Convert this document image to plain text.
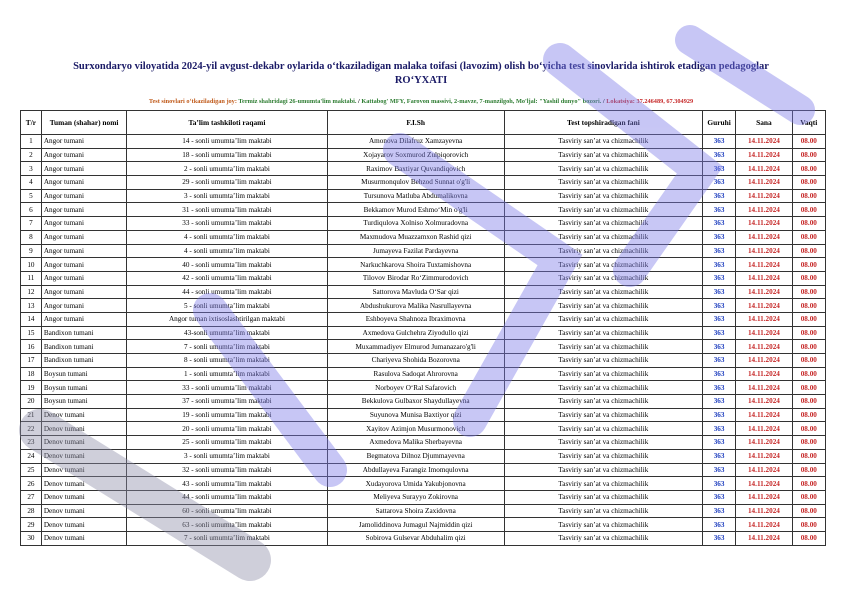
Surxondaryo viloyatida 2024-yil avgust-dekabr oylarida o‘tkaziladigan malaka toifasi (lavozim) olish bo‘yicha test sinovlarida ishtirok etadigan pedagoglar
RO‘YXATI
Test sinovlari o‘tkaziladigan joy: Termiz shahridagi 26-umumta'lim maktabi. / Kattabog' MFY, Farovon massivi, 2-mavze, 7-manzilgoh, Mo'ljal: "Yashil dunyo" bozori. / Lokatsiya: 37.246489, 67.304929
T/r	Tuman (shahar) nomi	Ta’lim tashkiloti raqami	F.I.Sh	Test topshiradigan fani	Guruhi	Sana	Vaqti
1	Angor tumani	14 - sonli umumta’lim maktabi	Amonova Dilafruz Xamzayevna	Tasviriy san’at va chizmachilik	363	14.11.2024	08.00
2	Angor tumani	18 - sonli umumta’lim maktabi	Xojayarov Soxmurod Zulpiqorovich	Tasviriy san’at va chizmachilik	363	14.11.2024	08.00
3	Angor tumani	2 - sonli umumta’lim maktabi	Raximov Baxtiyar Quvandiqovich	Tasviriy san’at va chizmachilik	363	14.11.2024	08.00
4	Angor tumani	29 - sonli umumta’lim maktabi	Musurmonqulov Behzod Sunnat o'g'li	Tasviriy san’at va chizmachilik	363	14.11.2024	08.00
5	Angor tumani	3 - sonli umumta’lim maktabi	Tursunova Matluba Abdumalikovna	Tasviriy san’at va chizmachilik	363	14.11.2024	08.00
6	Angor tumani	31 - sonli umumta’lim maktabi	Bekkamov Murod Eshmo‘Min o'g'li	Tasviriy san’at va chizmachilik	363	14.11.2024	08.00
7	Angor tumani	33 - sonli umumta’lim maktabi	Turdiqulova Xolniso Xolmuradovna	Tasviriy san’at va chizmachilik	363	14.11.2024	08.00
8	Angor tumani	4 - sonli umumta’lim maktabi	Maxmudova Muazzamxon Rashid qizi	Tasviriy san’at va chizmachilik	363	14.11.2024	08.00
9	Angor tumani	4 - sonli umumta’lim maktabi	Jumayeva Fazilat Pardayevna	Tasviriy san’at va chizmachilik	363	14.11.2024	08.00
10	Angor tumani	40 - sonli umumta’lim maktabi	Narkuchkarova Shoira Tuxtamishovna	Tasviriy san’at va chizmachilik	363	14.11.2024	08.00
11	Angor tumani	42 - sonli umumta’lim maktabi	Tilovov Birodar Ro‘Zimmurodovich	Tasviriy san’at va chizmachilik	363	14.11.2024	08.00
12	Angor tumani	44 - sonli umumta’lim maktabi	Sattorova Mavluda O‘Sar qizi	Tasviriy san’at va chizmachilik	363	14.11.2024	08.00
13	Angor tumani	5 - sonli umumta’lim maktabi	Abdushukurova Malika Nasrullayevna	Tasviriy san’at va chizmachilik	363	14.11.2024	08.00
14	Angor tumani	Angor tuman ixtisoslashtirilgan maktabi	Eshboyeva Shahnoza Ibraximovna	Tasviriy san’at va chizmachilik	363	14.11.2024	08.00
15	Bandixon tumani	43-sonli umumta’lim maktabi	Axmedova Gulchehra Ziyodullo qizi	Tasviriy san’at va chizmachilik	363	14.11.2024	08.00
16	Bandixon tumani	7 - sonli umumta’lim maktabi	Muxammadiyev Elmurod Jumanazaro'g'li	Tasviriy san’at va chizmachilik	363	14.11.2024	08.00
17	Bandixon tumani	8 - sonli umumta’lim maktabi	Chariyeva Shohida Bozorovna	Tasviriy san’at va chizmachilik	363	14.11.2024	08.00
18	Boysun tumani	1 - sonli umumta’lim maktabi	Rasulova Sadoqat Ahrorovna	Tasviriy san’at va chizmachilik	363	14.11.2024	08.00
19	Boysun tumani	33 - sonli umumta’lim maktabi	Norboyev O‘Ral Safarovich	Tasviriy san’at va chizmachilik	363	14.11.2024	08.00
20	Boysun tumani	37 - sonli umumta’lim maktabi	Bekkulova Gulbaxor Shaydullayevna	Tasviriy san’at va chizmachilik	363	14.11.2024	08.00
21	Denov tumani	19 - sonli umumta’lim maktabi	Suyunova Munisa Baxtiyor qizi	Tasviriy san’at va chizmachilik	363	14.11.2024	08.00
22	Denov tumani	20 - sonli umumta’lim maktabi	Xayitov Azimjon Musurmonovich	Tasviriy san’at va chizmachilik	363	14.11.2024	08.00
23	Denov tumani	25 - sonli umumta’lim maktabi	Axmedova Malika Sherbayevna	Tasviriy san’at va chizmachilik	363	14.11.2024	08.00
24	Denov tumani	3 - sonli umumta’lim maktabi	Begmatova Dilnoz Djummayevna	Tasviriy san’at va chizmachilik	363	14.11.2024	08.00
25	Denov tumani	32 - sonli umumta’lim maktabi	Abdullayeva Farangiz Imomqulovna	Tasviriy san’at va chizmachilik	363	14.11.2024	08.00
26	Denov tumani	43 - sonli umumta’lim maktabi	Xudayorova Umida Yakubjonovna	Tasviriy san’at va chizmachilik	363	14.11.2024	08.00
27	Denov tumani	44 - sonli umumta’lim maktabi	Meliyeva Surayyo Zokirovna	Tasviriy san’at va chizmachilik	363	14.11.2024	08.00
28	Denov tumani	60 - sonli umumta’lim maktabi	Sattarova Shoira Zaxidovna	Tasviriy san’at va chizmachilik	363	14.11.2024	08.00
29	Denov tumani	63 - sonli umumta’lim maktabi	Jamoliddinova Jumagul Najmiddin qizi	Tasviriy san’at va chizmachilik	363	14.11.2024	08.00
30	Denov tumani	7 - sonli umumta’lim maktabi	Sobirova Gulsevar Abduhalim qizi	Tasviriy san’at va chizmachilik	363	14.11.2024	08.00
